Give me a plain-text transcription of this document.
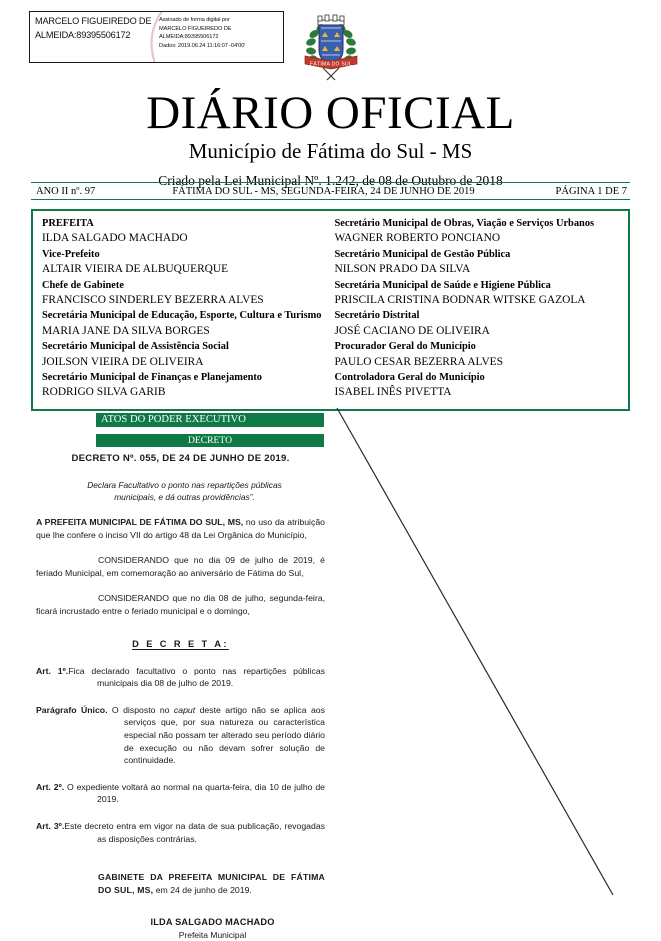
MARCELO FIGUEIREDO DE ALMEIDA:89395506172
Assinado de forma digital por
MARCELO FIGUEIREDO DE
ALMEIDA:89395506172
Dados: 2019.06.24 11:16:07 -04'00'
FÁTIMA DO SUL
DIÁRIO OFICIAL

Município de Fátima do Sul - MS

Criado pela Lei Municipal Nº. 1.242, de 08 de Outubro de 2018

ANO II nº. 97	FÁTIMA DO SUL - MS, SEGUNDA-FEIRA, 24 DE JUNHO DE 2019	PÁGINA 1 DE 7

PREFEITA

ILDA SALGADO MACHADO

Vice-Prefeito

ALTAIR VIEIRA DE ALBUQUERQUE

Chefe de Gabinete

FRANCISCO SINDERLEY BEZERRA ALVES

Secretária Municipal de Educação, Esporte, Cultura e Turismo

MARIA JANE DA SILVA BORGES

Secretário Municipal de Assistência Social

JOILSON VIEIRA DE OLIVEIRA

Secretário Municipal de Finanças e Planejamento

RODRIGO SILVA GARIB

Secretário Municipal de Obras, Viação e Serviços Urbanos

WAGNER ROBERTO PONCIANO

Secretário Municipal de Gestão Pública

NILSON PRADO DA SILVA

Secretária Municipal de Saúde e Higiene Pública

PRISCILA CRISTINA BODNAR WITSKE GAZOLA

Secretário Distrital

JOSÉ CACIANO DE OLIVEIRA

Procurador Geral do Município

PAULO CESAR BEZERRA ALVES

Controladora Geral do Município

ISABEL INÊS PIVETTA

ATOS DO PODER EXECUTIVO
DECRETO

DECRETO Nº. 055, DE 24 DE JUNHO DE 2019.

Declara Facultativo o ponto nas repartições públicas municipais, e dá outras providências”.

A PREFEITA MUNICIPAL DE FÁTIMA DO SUL, MS, no uso da atribuição que lhe confere o inciso VII do artigo 48 da Lei Orgânica do Município,

CONSIDERANDO que no dia 09 de julho de 2019, é feriado Municipal, em comemoração ao aniversário de Fátima do Sul,

CONSIDERANDO que no dia 08 de julho, segunda-feira, ficará incrustado entre o feriado municipal e o domingo,

D E C R E T A:

Art. 1º.Fica declarado facultativo o ponto nas repartições públicas municipais dia 08 de julho de 2019.

Parágrafo Único. O disposto no caput deste artigo não se aplica aos serviços que, por sua natureza ou característica especial não possam ter alterado seu período diário de execução ou não devam sofrer solução de continuidade.

Art. 2º. O expediente voltará ao normal na quarta-feira, dia 10 de julho de 2019.

Art. 3º.Este decreto entra em vigor na data de sua publicação, revogadas as disposições contrárias.

GABINETE DA PREFEITA MUNICIPAL DE FÁTIMA DO SUL, MS, em 24 de junho de 2019.

ILDA SALGADO MACHADO

Prefeita Municipal
